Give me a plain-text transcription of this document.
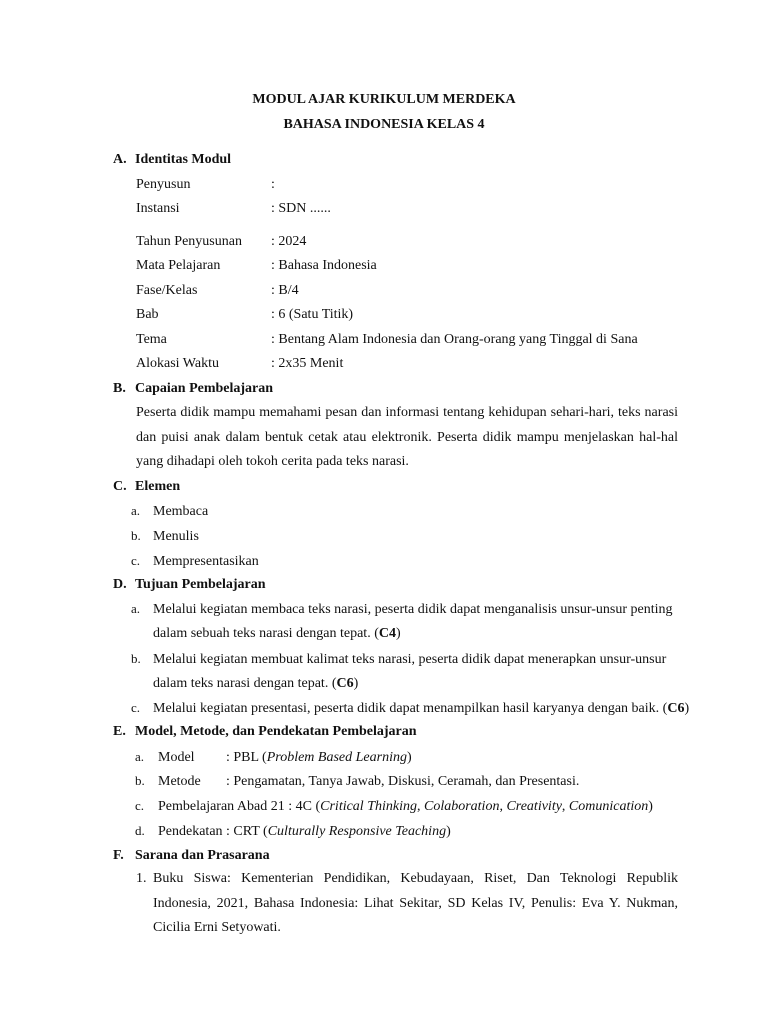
MODUL AJAR KURIKULUM MERDEKA
BAHASA INDONESIA KELAS 4
A. Identitas Modul
Penyusun	:
Instansi	: SDN ......
Tahun Penyusunan : 2024
Mata Pelajaran	: Bahasa Indonesia
Fase/Kelas	: B/4
Bab	: 6 (Satu Titik)
Tema	: Bentang Alam Indonesia dan Orang-orang yang Tinggal di Sana
Alokasi Waktu	: 2x35 Menit
B. Capaian Pembelajaran
Peserta didik mampu memahami pesan dan informasi tentang kehidupan sehari-hari, teks narasi dan puisi anak dalam bentuk cetak atau elektronik. Peserta didik mampu menjelaskan hal-hal yang dihadapi oleh tokoh cerita pada teks narasi.
C. Elemen
a. Membaca
b. Menulis
c. Mempresentasikan
D. Tujuan Pembelajaran
a. Melalui kegiatan membaca teks narasi, peserta didik dapat menganalisis unsur-unsur penting
dalam sebuah teks narasi dengan tepat. (C4)
b. Melalui kegiatan membuat kalimat teks narasi, peserta didik dapat menerapkan unsur-unsur
dalam teks narasi dengan tepat. (C6)
c. Melalui kegiatan presentasi, peserta didik dapat menampilkan hasil karyanya dengan baik. (C6)
E. Model, Metode, dan Pendekatan Pembelajaran
a. Model : PBL (Problem Based Learning)
b. Metode : Pengamatan, Tanya Jawab, Diskusi, Ceramah, dan Presentasi.
c. Pembelajaran Abad 21 : 4C (Critical Thinking, Colaboration, Creativity, Comunication)
d. Pendekatan : CRT (Culturally Responsive Teaching)
F. Sarana dan Prasarana
1. Buku Siswa: Kementerian Pendidikan, Kebudayaan, Riset, Dan Teknologi Republik Indonesia, 2021, Bahasa Indonesia: Lihat Sekitar, SD Kelas IV, Penulis: Eva Y. Nukman, Cicilia Erni Setyowati.
